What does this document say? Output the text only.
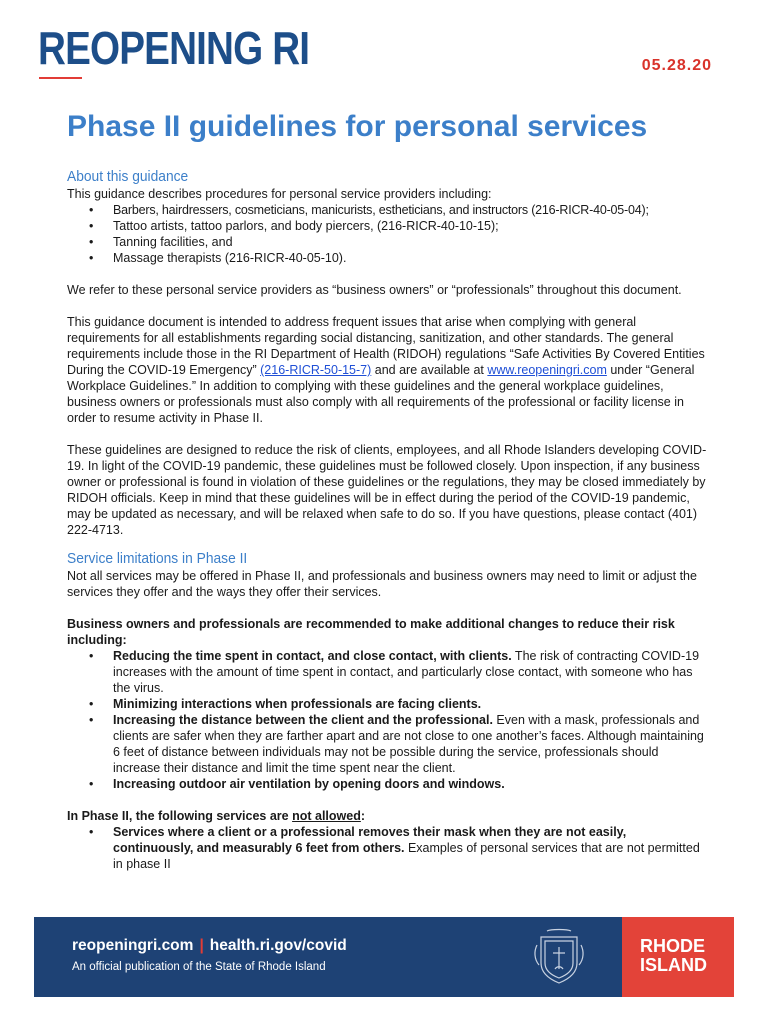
REOPENING RI	05.28.20
Phase II guidelines for personal services
About this guidance

This guidance describes procedures for personal service providers including:

• Barbers, hairdressers, cosmeticians, manicurists, estheticians, and instructors (216-RICR-40-05-04);
• Tattoo artists, tattoo parlors, and body piercers, (216-RICR-40-10-15);
• Tanning facilities, and
• Massage therapists (216-RICR-40-05-10).

We refer to these personal service providers as “business owners” or “professionals” throughout this document.

This guidance document is intended to address frequent issues that arise when complying with general requirements for all establishments regarding social distancing, sanitization, and other standards. The general requirements include those in the RI Department of Health (RIDOH) regulations “Safe Activities By Covered Entities During the COVID-19 Emergency” (216-RICR-50-15-7) and are available at www.reopeningri.com under “General Workplace Guidelines.” In addition to complying with these guidelines and the general workplace guidelines, business owners or professionals must also comply with all requirements of the professional or facility license in order to resume activity in Phase II.

These guidelines are designed to reduce the risk of clients, employees, and all Rhode Islanders developing COVID-19. In light of the COVID-19 pandemic, these guidelines must be followed closely. Upon inspection, if any business owner or professional is found in violation of these guidelines or the regulations, they may be closed immediately by RIDOH officials. Keep in mind that these guidelines will be in effect during the period of the COVID-19 pandemic, may be updated as necessary, and will be relaxed when safe to do so. If you have questions, please contact (401) 222-4713.

Service limitations in Phase II

Not all services may be offered in Phase II, and professionals and business owners may need to limit or adjust the services they offer and the ways they offer their services.

Business owners and professionals are recommended to make additional changes to reduce their risk including:

• Reducing the time spent in contact, and close contact, with clients. The risk of contracting COVID-19 increases with the amount of time spent in contact, and particularly close contact, with someone who has the virus.
• Minimizing interactions when professionals are facing clients.
• Increasing the distance between the client and the professional. Even with a mask, professionals and clients are safer when they are farther apart and are not close to one another’s faces. Although maintaining 6 feet of distance between individuals may not be possible during the service, professionals should increase their distance and limit the time spent near the client.
• Increasing outdoor air ventilation by opening doors and windows.

In Phase II, the following services are not allowed:

• Services where a client or a professional removes their mask when they are not easily, continuously, and measurably 6 feet from others. Examples of personal services that are not permitted in phase II
reopeningri.com | health.ri.gov/covid
An official publication of the State of Rhode Island
RHODE
ISLAND
